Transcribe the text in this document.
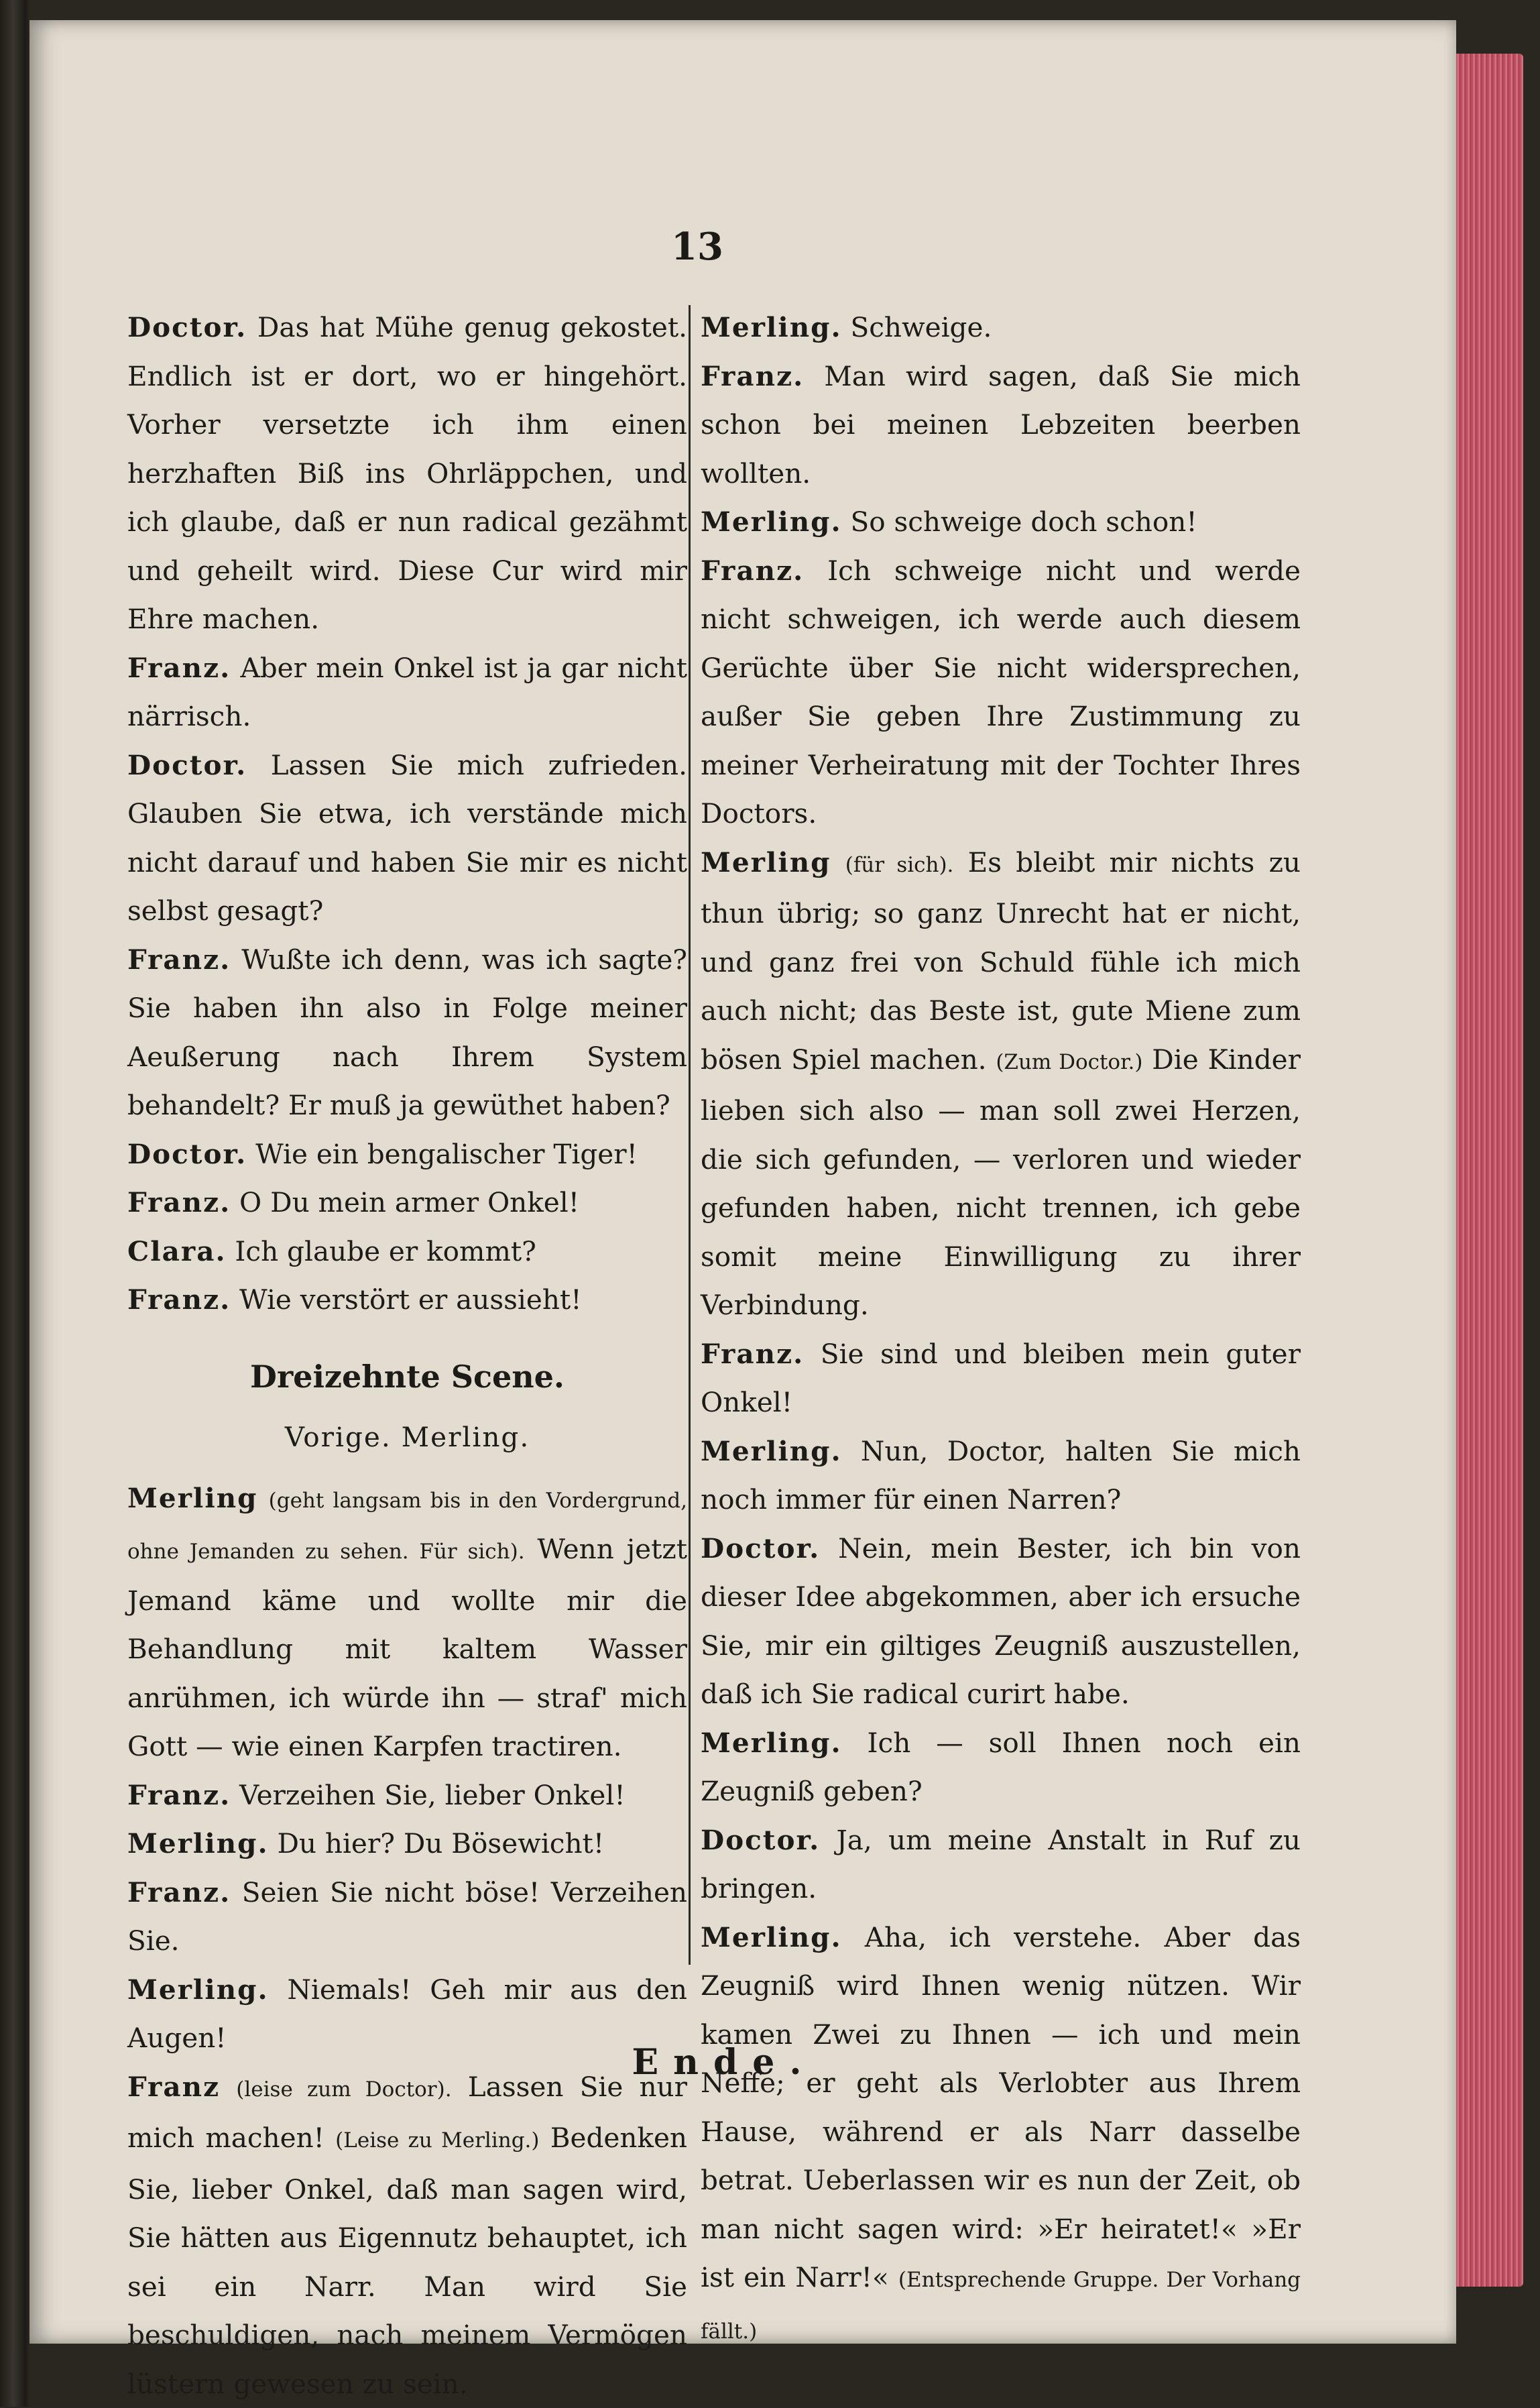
13

Doctor. Das hat Mühe genug gekostet. Endlich ist er dort, wo er hingehört. Vorher versetzte ich ihm einen herzhaften Biß ins Ohrläppchen, und ich glaube, daß er nun radical gezähmt und geheilt wird. Diese Cur wird mir Ehre machen.

Franz. Aber mein Onkel ist ja gar nicht närrisch.

Doctor. Lassen Sie mich zufrieden. Glauben Sie etwa, ich verstände mich nicht darauf und haben Sie mir es nicht selbst gesagt?

Franz. Wußte ich denn, was ich sagte? Sie haben ihn also in Folge meiner Aeußerung nach Ihrem System behandelt? Er muß ja gewüthet haben?

Doctor. Wie ein bengalischer Tiger!

Franz. O Du mein armer Onkel!

Clara. Ich glaube er kommt?

Franz. Wie verstört er aussieht!

Dreizehnte Scene.
Vorige. Merling.

Merling (geht langsam bis in den Vordergrund, ohne Jemanden zu sehen. Für sich). Wenn jetzt Jemand käme und wollte mir die Behandlung mit kaltem Wasser anrühmen, ich würde ihn — straf' mich Gott — wie einen Karpfen tractiren.

Franz. Verzeihen Sie, lieber Onkel!

Merling. Du hier? Du Bösewicht!

Franz. Seien Sie nicht böse! Verzeihen Sie.

Merling. Niemals! Geh mir aus den Augen!

Franz (leise zum Doctor). Lassen Sie nur mich machen! (Leise zu Merling.) Bedenken Sie, lieber Onkel, daß man sagen wird, Sie hätten aus Eigennutz behauptet, ich sei ein Narr. Man wird Sie beschuldigen, nach meinem Vermögen lüstern gewesen zu sein.

Merling. Schweige.

Franz. Man wird sagen, daß Sie mich schon bei meinen Lebzeiten beerben wollten.

Merling. So schweige doch schon!

Franz. Ich schweige nicht und werde nicht schweigen, ich werde auch diesem Gerüchte über Sie nicht widersprechen, außer Sie geben Ihre Zustimmung zu meiner Verheiratung mit der Tochter Ihres Doctors.

Merling (für sich). Es bleibt mir nichts zu thun übrig; so ganz Unrecht hat er nicht, und ganz frei von Schuld fühle ich mich auch nicht; das Beste ist, gute Miene zum bösen Spiel machen. (Zum Doctor.) Die Kinder lieben sich also — man soll zwei Herzen, die sich gefunden, — verloren und wieder gefunden haben, nicht trennen, ich gebe somit meine Einwilligung zu ihrer Verbindung.

Franz. Sie sind und bleiben mein guter Onkel!

Merling. Nun, Doctor, halten Sie mich noch immer für einen Narren?

Doctor. Nein, mein Bester, ich bin von dieser Idee abgekommen, aber ich ersuche Sie, mir ein giltiges Zeugniß auszustellen, daß ich Sie radical curirt habe.

Merling. Ich — soll Ihnen noch ein Zeugniß geben?

Doctor. Ja, um meine Anstalt in Ruf zu bringen.

Merling. Aha, ich verstehe. Aber das Zeugniß wird Ihnen wenig nützen. Wir kamen Zwei zu Ihnen — ich und mein Neffe; er geht als Verlobter aus Ihrem Hause, während er als Narr dasselbe betrat. Ueberlassen wir es nun der Zeit, ob man nicht sagen wird: »Er heiratet!« »Er ist ein Narr!« (Entsprechende Gruppe. Der Vorhang fällt.)

Ende.
